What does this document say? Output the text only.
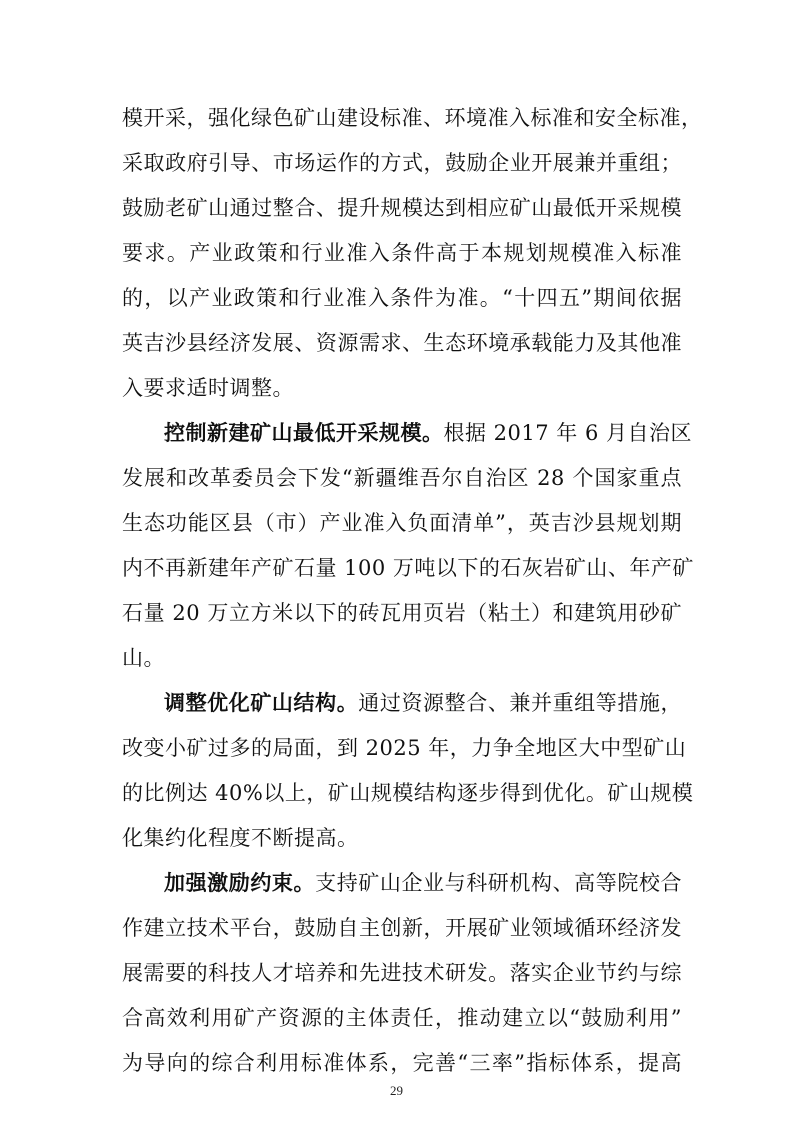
模开采，强化绿色矿山建设标准、环境准入标准和安全标准，
采取政府引导、市场运作的方式，鼓励企业开展兼并重组；
鼓励老矿山通过整合、提升规模达到相应矿山最低开采规模
要求。产业政策和行业准入条件高于本规划规模准入标准
的，以产业政策和行业准入条件为准。“十四五”期间依据
英吉沙县经济发展、资源需求、生态环境承载能力及其他准
入要求适时调整。
控制新建矿山最低开采规模。根据 2017 年 6 月自治区
发展和改革委员会下发“新疆维吾尔自治区 28 个国家重点
生态功能区县（市）产业准入负面清单”，英吉沙县规划期
内不再新建年产矿石量 100 万吨以下的石灰岩矿山、年产矿
石量 20 万立方米以下的砖瓦用页岩（粘土）和建筑用砂矿
山。
调整优化矿山结构。通过资源整合、兼并重组等措施，
改变小矿过多的局面，到 2025 年，力争全地区大中型矿山
的比例达 40%以上，矿山规模结构逐步得到优化。矿山规模
化集约化程度不断提高。
加强激励约束。支持矿山企业与科研机构、高等院校合
作建立技术平台，鼓励自主创新，开展矿业领域循环经济发
展需要的科技人才培养和先进技术研发。落实企业节约与综
合高效利用矿产资源的主体责任，推动建立以“鼓励利用”
为导向的综合利用标准体系，完善“三率”指标体系，提高
29
